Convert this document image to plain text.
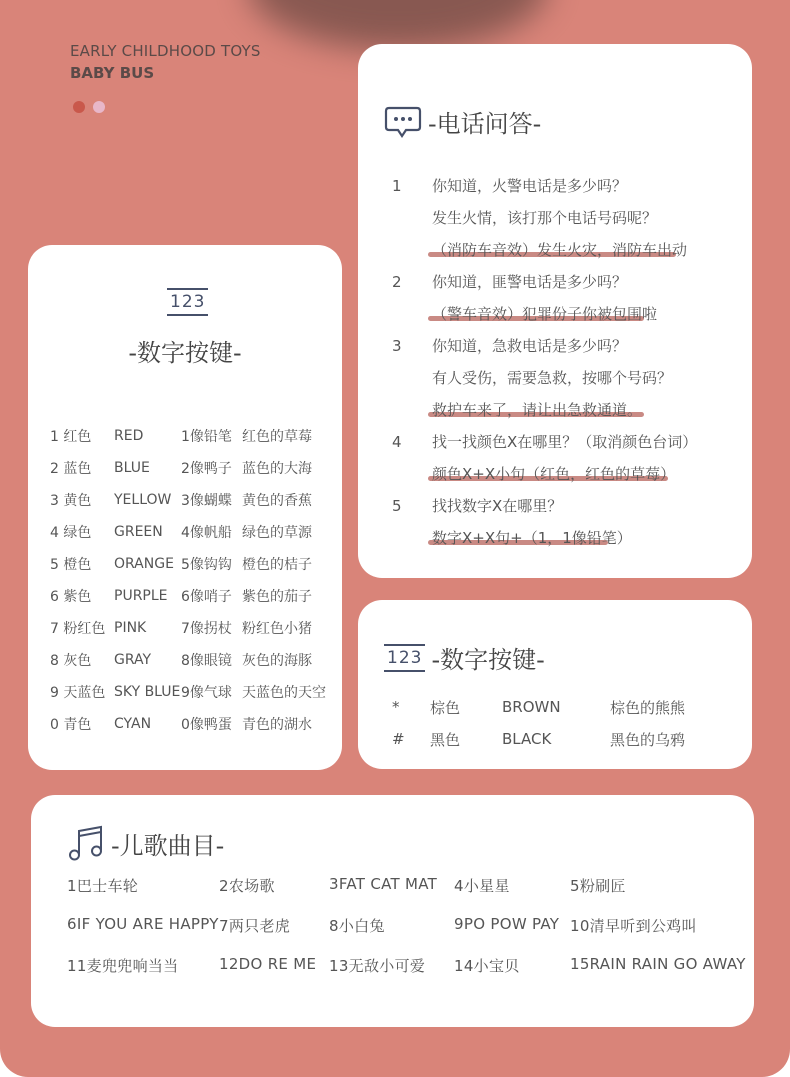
EARLY CHILDHOOD TOYS
BABY BUS
123
-数字按键-
1 红色	RED	1像铅笔	红色的草莓
2 蓝色	BLUE	2像鸭子	蓝色的大海
3 黄色	YELLOW	3像蝴蝶	黄色的香蕉
4 绿色	GREEN	4像帆船	绿色的草源
5 橙色	ORANGE	5像钩钩	橙色的桔子
6 紫色	PURPLE	6像哨子	紫色的茄子
7 粉红色	PINK	7像拐杖	粉红色小猪
8 灰色	GRAY	8像眼镜	灰色的海豚
9 天蓝色	SKY BLUE	9像气球	天蓝色的天空
0 青色	CYAN	0像鸭蛋	青色的湖水
-电话问答-
1	你知道，火警电话是多少吗？
发生火情，该打那个电话号码呢？
（消防车音效）发生火灾，消防车出动
2	你知道，匪警电话是多少吗？
（警车音效）犯罪份子你被包围啦
3	你知道，急救电话是多少吗？
有人受伤，需要急救，按哪个号码？
救护车来了，请让出急救通道。
4	找一找颜色X在哪里？（取消颜色台词）
颜色X+X小句（红色，红色的草莓）
5	找找数字X在哪里？
数字X+X句+（1，1像铅笔）
123 -数字按键-
*	棕色	BROWN	棕色的熊熊
#	黑色	BLACK	黑色的乌鸦
-儿歌曲目-
1巴士车轮	2农场歌	3FAT CAT MAT 4小星星	5粉刷匠
6IF YOU ARE HAPPY 7两只老虎	8小白兔	9PO POW PAY 10清早听到公鸡叫
11麦兜兜响当当	12DO RE ME 13无敌小可爱 14小宝贝	15RAIN RAIN GO AWAY
